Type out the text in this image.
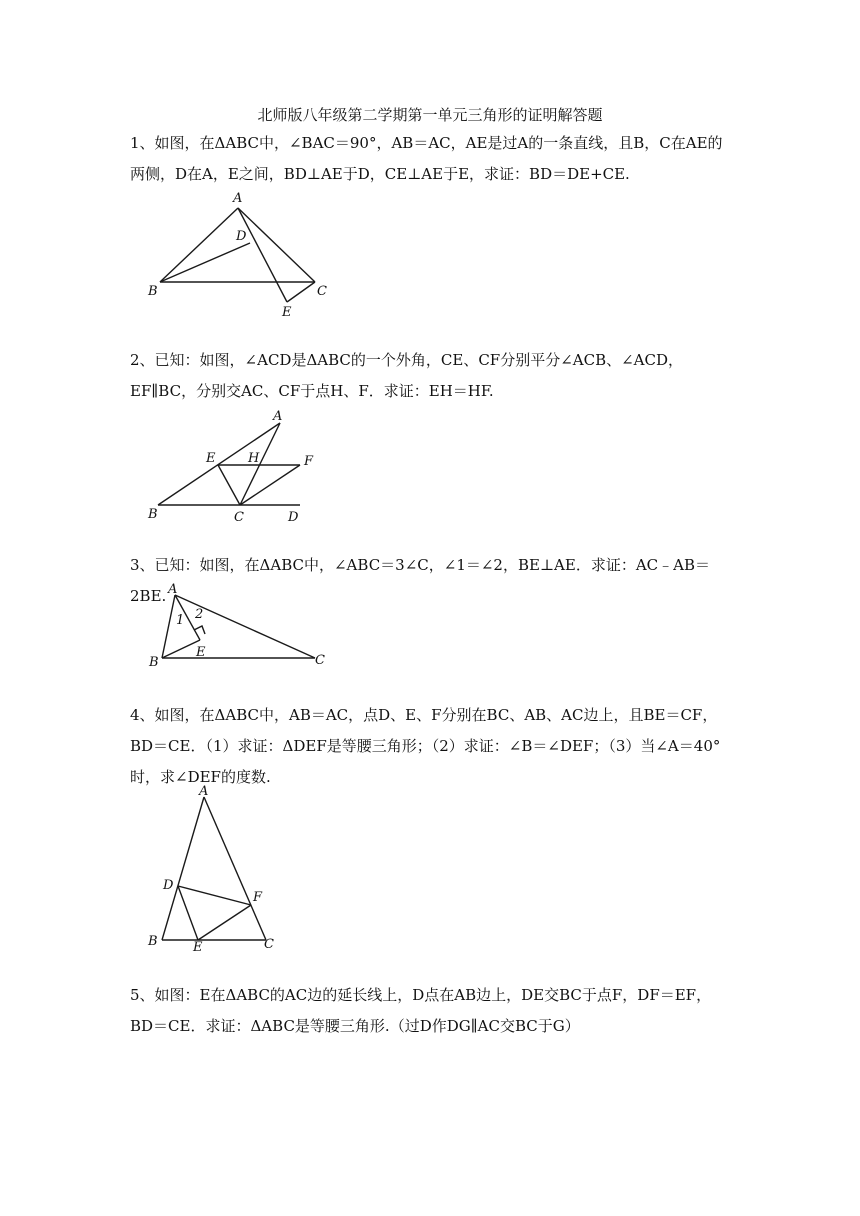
北师版八年级第二学期第一单元三角形的证明解答题

1、如图，在ΔABC中，∠BAC＝90°，AB＝AC，AE是过A的一条直线，且B，C在AE的两侧，D在A，E之间，BD⊥AE于D，CE⊥AE于E，求证：BD＝DE+CE.

A
D
B	C
E

2、已知：如图，∠ACD是ΔABC的一个外角，CE、CF分别平分∠ACB、∠ACD，EF∥BC，分别交AC、CF于点H、F．求证：EH＝HF.

A
E	H	F
B	C	D

3、已知：如图，在ΔABC中，∠ABC＝3∠C，∠1＝∠2，BE⊥AE．求证：AC﹣AB＝2BE. A
1 2
E
B	C

4、如图，在ΔABC中，AB＝AC，点D、E、F分别在BC、AB、AC边上，且BE＝CF，BD＝CE．（1）求证：ΔDEF是等腰三角形；（2）求证：∠B＝∠DEF；（3）当∠A＝40°时，求∠DEF的度数.

A
D
F
B	E	C

5、如图：E在ΔABC的AC边的延长线上，D点在AB边上，DE交BC于点F，DF＝EF，BD＝CE．求证：ΔABC是等腰三角形.（过D作DG∥AC交BC于G）
